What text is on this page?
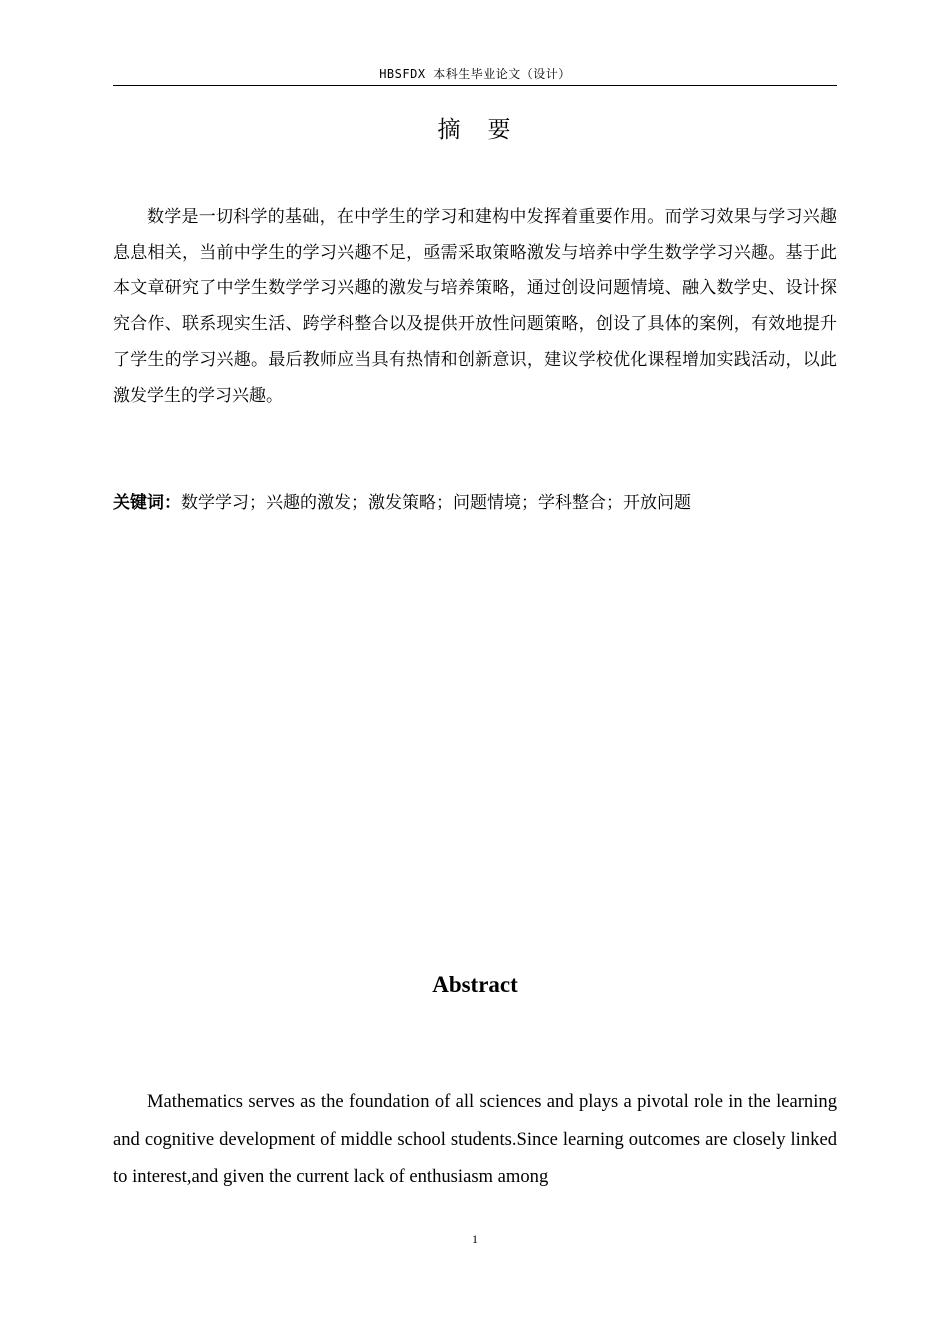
HBSFDX 本科生毕业论文（设计）
摘　要

数学是一切科学的基础，在中学生的学习和建构中发挥着重要作用。而学习效果与学习兴趣息息相关，当前中学生的学习兴趣不足，亟需采取策略激发与培养中学生数学学习兴趣。基于此本文章研究了中学生数学学习兴趣的激发与培养策略，通过创设问题情境、融入数学史、设计探究合作、联系现实生活、跨学科整合以及提供开放性问题策略，创设了具体的案例，有效地提升了学生的学习兴趣。最后教师应当具有热情和创新意识，建议学校优化课程增加实践活动，以此激发学生的学习兴趣。

关键词：数学学习；兴趣的激发；激发策略；问题情境；学科整合；开放问题

Abstract

Mathematics serves as the foundation of all sciences and plays a pivotal role in the learning and cognitive development of middle school students.Since learning outcomes are closely linked to interest,and given the current lack of enthusiasm among

1
